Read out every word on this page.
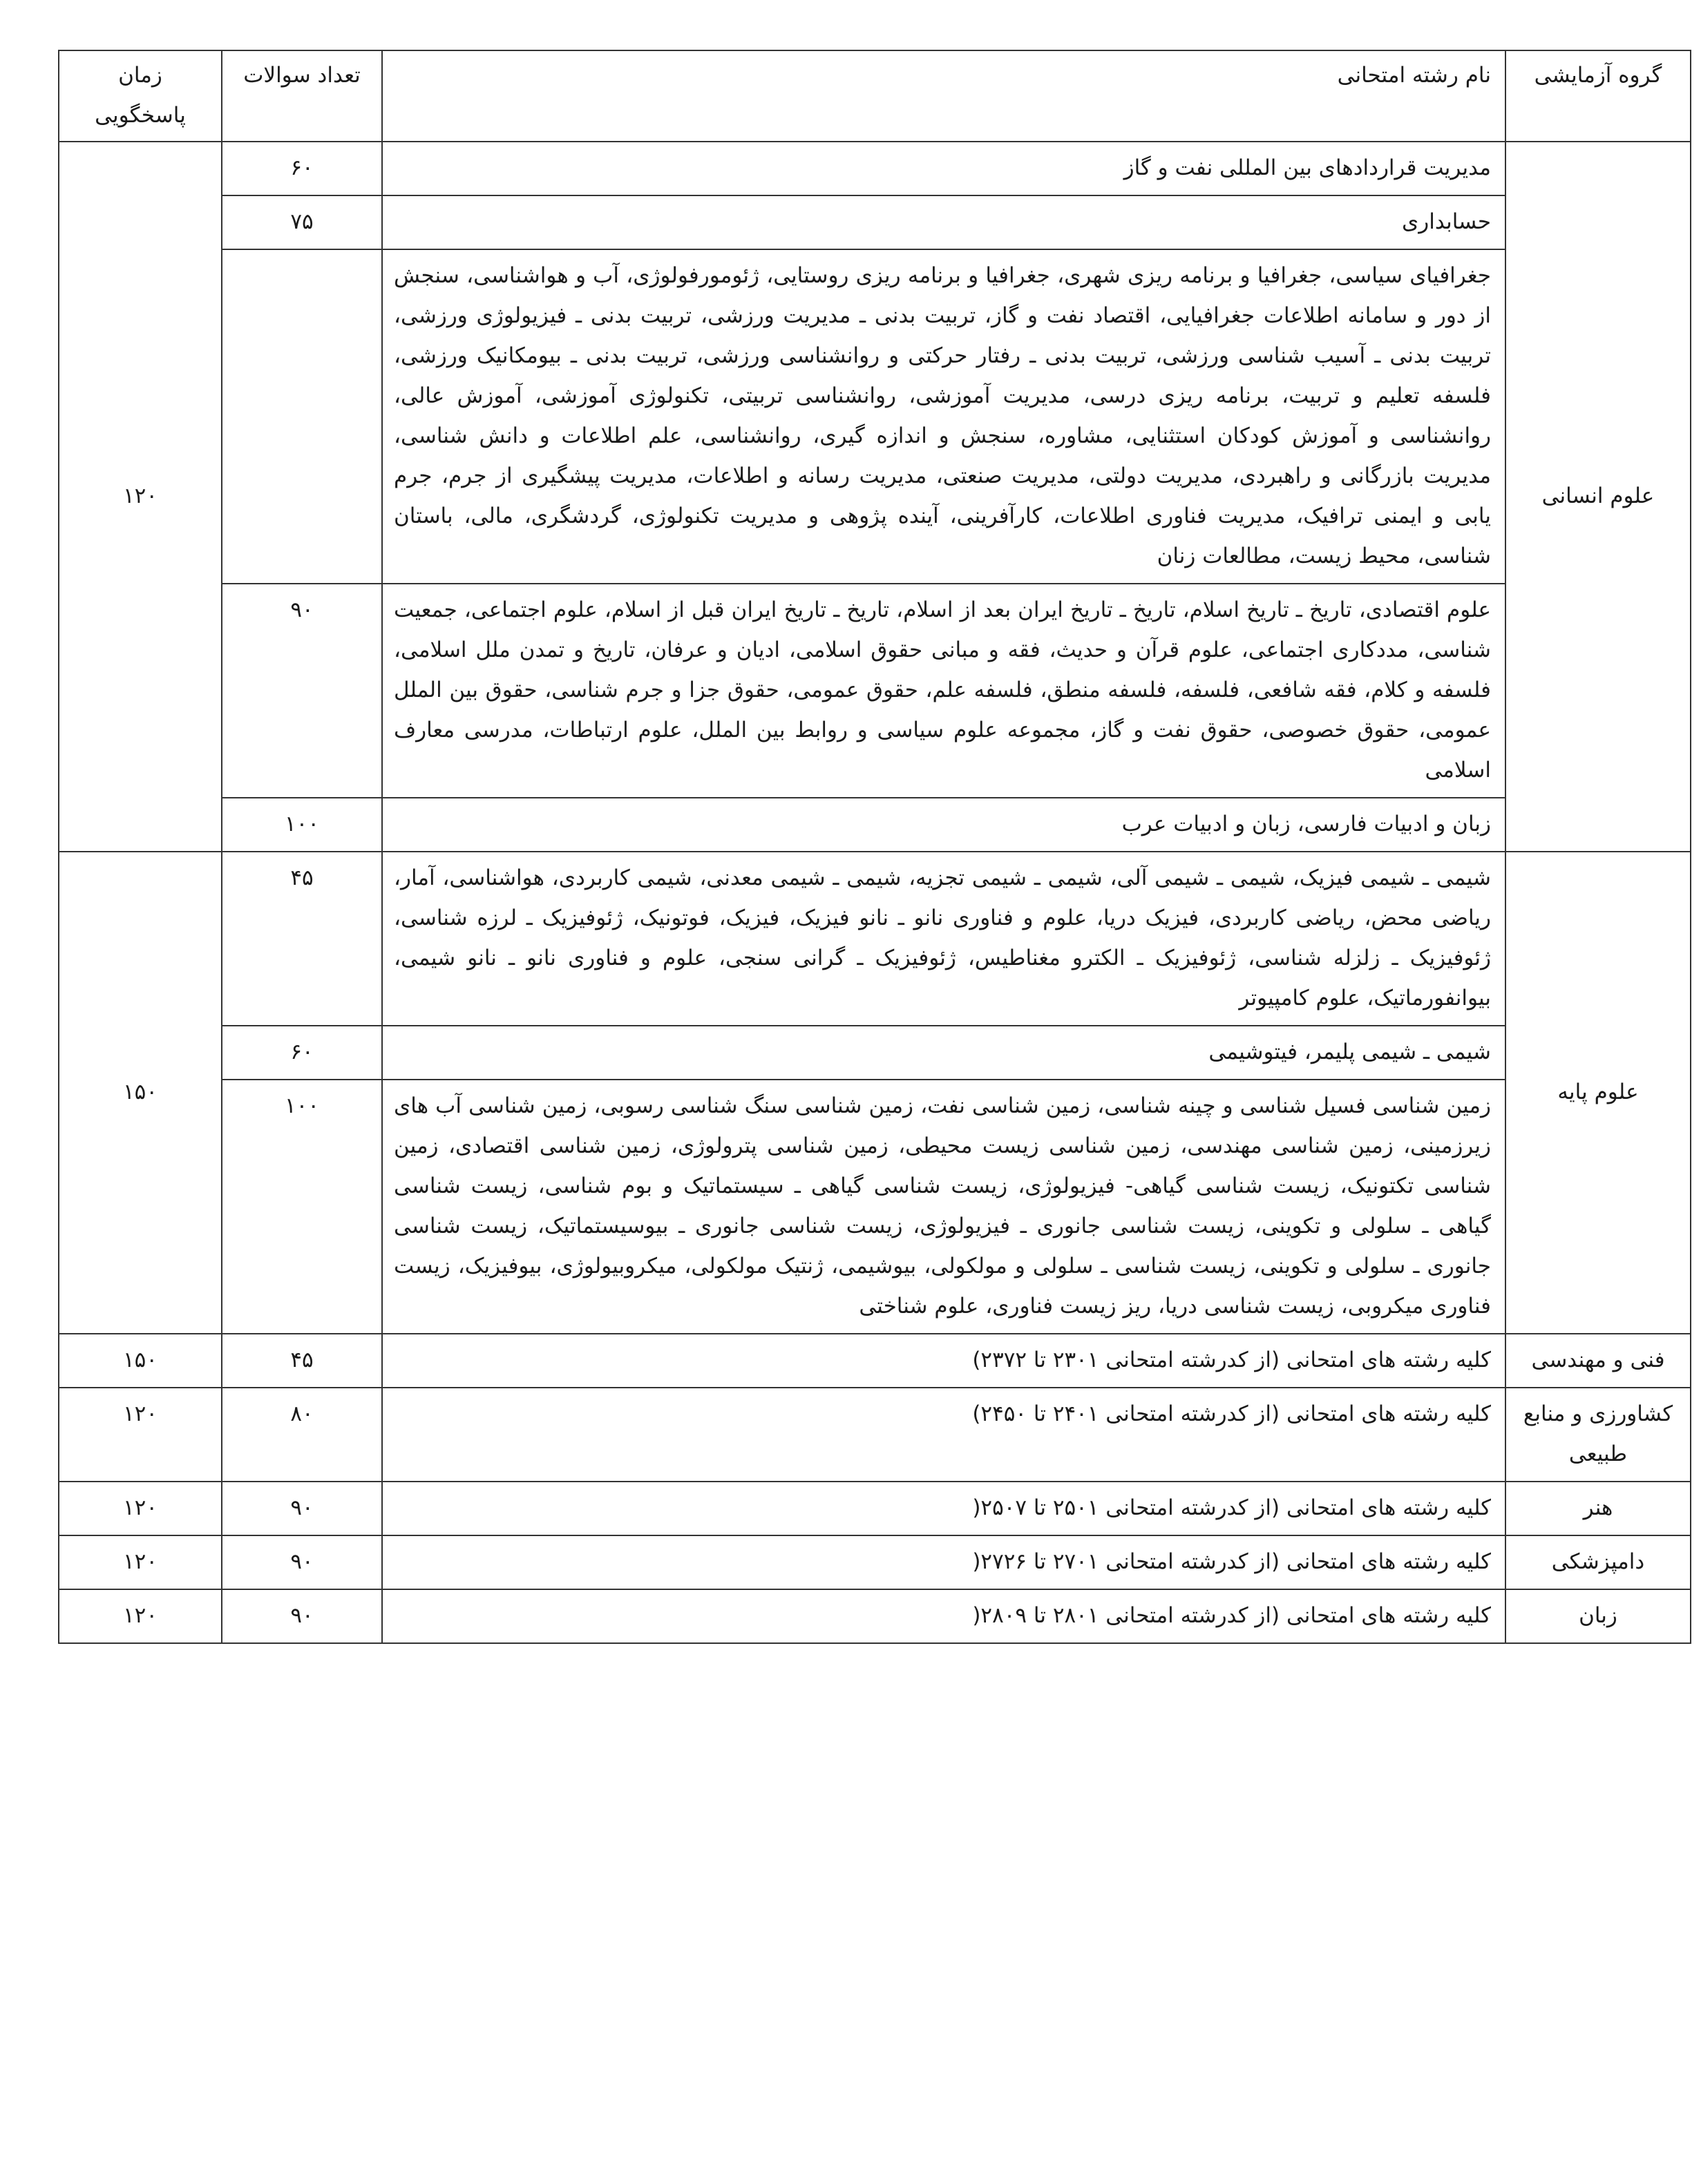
گروه آزمایشی	نام رشته امتحانی	تعداد سوالات	زمان پاسخگویی
علوم انسانی	مدیریت قراردادهای بین المللی نفت و گاز	۶۰	۱۲۰
	حسابداری	۷۵	
	جغرافیای سیاسی، جغرافیا و برنامه ریزی شهری، جغرافیا و برنامه ریزی روستایی، ژئومورفولوژی، آب و هواشناسی، سنجش از دور و سامانه اطلاعات جغرافیایی، اقتصاد نفت و گاز، تربیت بدنی ـ مدیریت ورزشی، تربیت بدنی ـ فیزیولوژی ورزشی، تربیت بدنی ـ آسیب شناسی ورزشی، تربیت بدنی ـ رفتار حرکتی و روانشناسی ورزشی، تربیت بدنی ـ بیومکانیک ورزشی، فلسفه تعلیم و تربیت، برنامه ریزی درسی، مدیریت آموزشی، روانشناسی تربیتی، تکنولوژی آموزشی، آموزش عالی، روانشناسی و آموزش کودکان استثنایی، مشاوره، سنجش و اندازه گیری، روانشناسی، علم اطلاعات و دانش شناسی، مدیریت بازرگانی و راهبردی، مدیریت دولتی، مدیریت صنعتی، مدیریت رسانه و اطلاعات، مدیریت پیشگیری از جرم، جرم یابی و ایمنی ترافیک، مدیریت فناوری اطلاعات، کارآفرینی، آینده پژوهی و مدیریت تکنولوژی، گردشگری، مالی، باستان شناسی، محیط زیست، مطالعات زنان		
	علوم اقتصادی، تاریخ ـ تاریخ اسلام، تاریخ ـ تاریخ ایران بعد از اسلام، تاریخ ـ تاریخ ایران قبل از اسلام، علوم اجتماعی، جمعیت شناسی، مددکاری اجتماعی، علوم قرآن و حدیث، فقه و مبانی حقوق اسلامی، ادیان و عرفان، تاریخ و تمدن ملل اسلامی، فلسفه و کلام، فقه شافعی، فلسفه، فلسفه منطق، فلسفه علم، حقوق عمومی، حقوق جزا و جرم شناسی، حقوق بین الملل عمومی، حقوق خصوصی، حقوق نفت و گاز، مجموعه علوم سیاسی و روابط بین الملل، علوم ارتباطات، مدرسی معارف اسلامی	۹۰	
	زبان و ادبیات فارسی، زبان و ادبیات عرب	۱۰۰	
علوم پایه	شیمی ـ شیمی فیزیک، شیمی ـ شیمی آلی، شیمی ـ شیمی تجزیه، شیمی ـ شیمی معدنی، شیمی کاربردی، هواشناسی، آمار، ریاضی محض، ریاضی کاربردی، فیزیک دریا، علوم و فناوری نانو ـ نانو فیزیک، فیزیک، فوتونیک، ژئوفیزیک ـ لرزه شناسی، ژئوفیزیک ـ زلزله شناسی، ژئوفیزیک ـ الکترو مغناطیس، ژئوفیزیک ـ گرانی سنجی، علوم و فناوری نانو ـ نانو شیمی، بیوانفورماتیک، علوم کامپیوتر	۴۵	۱۵۰
	شیمی ـ شیمی پلیمر، فیتوشیمی	۶۰	
	زمین شناسی فسیل شناسی و چینه شناسی، زمین شناسی نفت، زمین شناسی سنگ شناسی رسوبی، زمین شناسی آب های زیرزمینی، زمین شناسی مهندسی، زمین شناسی زیست محیطی، زمین شناسی پترولوژی، زمین شناسی اقتصادی، زمین شناسی تکتونیک، زیست شناسی گیاهی- فیزیولوژی، زیست شناسی گیاهی ـ سیستماتیک و بوم شناسی، زیست شناسی گیاهی ـ سلولی و تکوینی، زیست شناسی جانوری ـ فیزیولوژی، زیست شناسی جانوری ـ بیوسیستماتیک، زیست شناسی جانوری ـ سلولی و تکوینی، زیست شناسی ـ سلولی و مولکولی، بیوشیمی، ژنتیک مولکولی، میکروبیولوژی، بیوفیزیک، زیست فناوری میکروبی، زیست شناسی دریا، ریز زیست فناوری، علوم شناختی	۱۰۰	
فنی و مهندسی	کلیه رشته های امتحانی (از کدرشته امتحانی ۲۳۰۱ تا ۲۳۷۲)	۴۵	۱۵۰
کشاورزی و منابع طبیعی	کلیه رشته های امتحانی (از کدرشته امتحانی ۲۴۰۱ تا ۲۴۵۰)	۸۰	۱۲۰
هنر	کلیه رشته های امتحانی (از کدرشته امتحانی ۲۵۰۱ تا ۲۵۰۷(	۹۰	۱۲۰
دامپزشکی	کلیه رشته های امتحانی (از کدرشته امتحانی ۲۷۰۱ تا ۲۷۲۶(	۹۰	۱۲۰
زبان	کلیه رشته های امتحانی (از کدرشته امتحانی ۲۸۰۱ تا ۲۸۰۹(	۹۰	۱۲۰
